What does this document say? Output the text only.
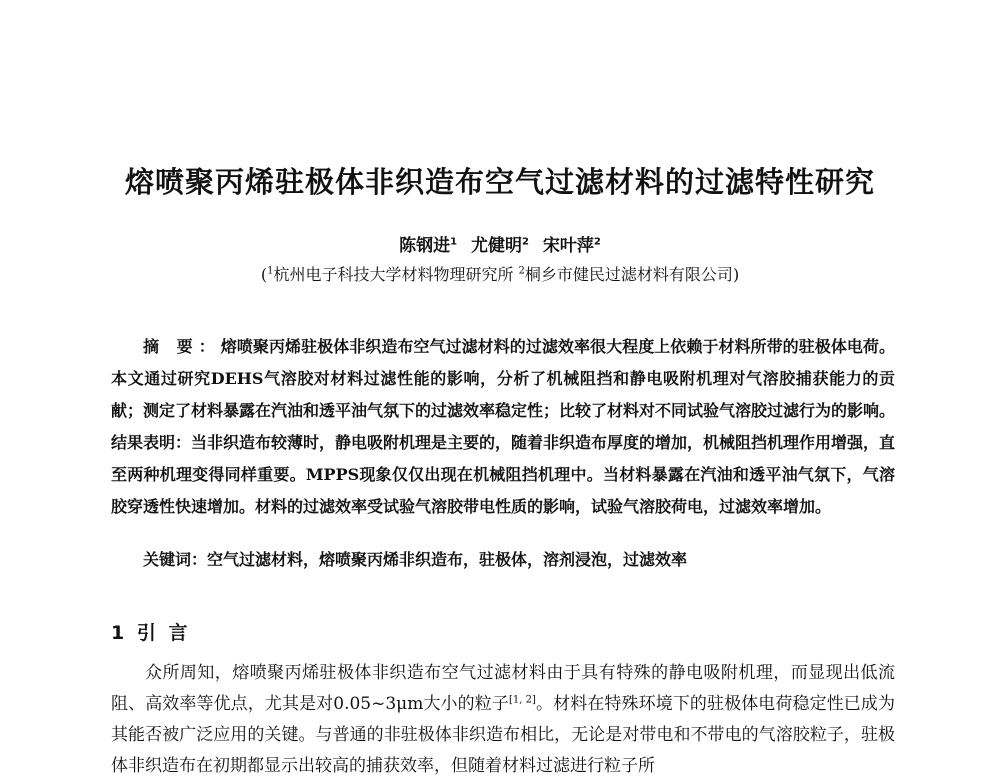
熔喷聚丙烯驻极体非织造布空气过滤材料的过滤特性研究
陈钢进$^1$ 尤健明$^2$ 宋叶萍$^2$
($^1$杭州电子科技大学材料物理研究所 $^2$桐乡市健民过滤材料有限公司)
摘 要：熔喷聚丙烯驻极体非织造布空气过滤材料的过滤效率很大程度上依赖于材料所带的驻极体电荷。本文通过研究DEHS气溶胶对材料过滤性能的影响，分析了机械阻挡和静电吸附机理对气溶胶捕获能力的贡献；测定了材料暴露在汽油和透平油气氛下的过滤效率稳定性；比较了材料对不同试验气溶胶过滤行为的影响。结果表明：当非织造布较薄时，静电吸附机理是主要的，随着非织造布厚度的增加，机械阻挡机理作用增强，直至两种机理变得同样重要。MPPS现象仅仅出现在机械阻挡机理中。当材料暴露在汽油和透平油气氛下，气溶胶穿透性快速增加。材料的过滤效率受试验气溶胶带电性质的影响，试验气溶胶荷电，过滤效率增加。
关键词：空气过滤材料，熔喷聚丙烯非织造布，驻极体，溶剂浸泡，过滤效率
1 引 言
众所周知，熔喷聚丙烯驻极体非织造布空气过滤材料由于具有特殊的静电吸附机理，而显现出低流阻、高效率等优点，尤其是对0.05~3μm大小的粒子[1, 2]。材料在特殊环境下的驻极体电荷稳定性已成为其能否被广泛应用的关键。与普通的非驻极体非织造布相比，无论是对带电和不带电的气溶胶粒子，驻极体非织造布在初期都显示出较高的捕获效率，但随着材料过滤进行粒子所
